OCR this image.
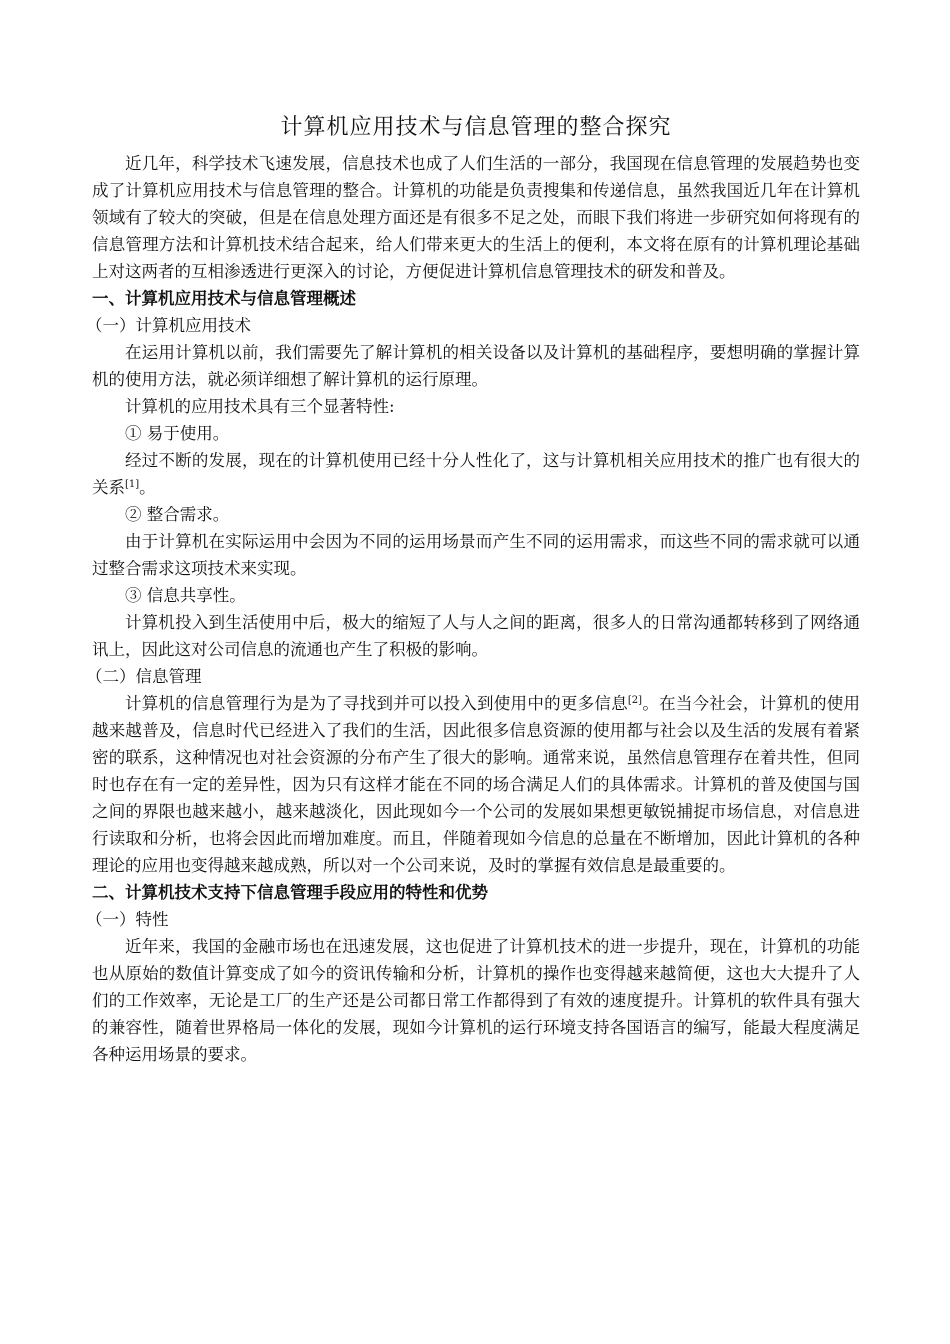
计算机应用技术与信息管理的整合探究

近几年，科学技术飞速发展，信息技术也成了人们生活的一部分，我国现在信息管理的发展趋势也变成了计算机应用技术与信息管理的整合。计算机的功能是负责搜集和传递信息，虽然我国近几年在计算机领域有了较大的突破，但是在信息处理方面还是有很多不足之处，而眼下我们将进一步研究如何将现有的信息管理方法和计算机技术结合起来，给人们带来更大的生活上的便利，本文将在原有的计算机理论基础上对这两者的互相渗透进行更深入的讨论，方便促进计算机信息管理技术的研发和普及。

一、计算机应用技术与信息管理概述

（一）计算机应用技术

在运用计算机以前，我们需要先了解计算机的相关设备以及计算机的基础程序，要想明确的掌握计算机的使用方法，就必须详细想了解计算机的运行原理。

计算机的应用技术具有三个显著特性:

① 易于使用。

经过不断的发展，现在的计算机使用已经十分人性化了，这与计算机相关应用技术的推广也有很大的关系[1]。

② 整合需求。

由于计算机在实际运用中会因为不同的运用场景而产生不同的运用需求，而这些不同的需求就可以通过整合需求这项技术来实现。

③ 信息共享性。

计算机投入到生活使用中后，极大的缩短了人与人之间的距离，很多人的日常沟通都转移到了网络通讯上，因此这对公司信息的流通也产生了积极的影响。

（二）信息管理

计算机的信息管理行为是为了寻找到并可以投入到使用中的更多信息[2]。在当今社会，计算机的使用越来越普及，信息时代已经进入了我们的生活，因此很多信息资源的使用都与社会以及生活的发展有着紧密的联系，这种情况也对社会资源的分布产生了很大的影响。通常来说，虽然信息管理存在着共性，但同时也存在有一定的差异性，因为只有这样才能在不同的场合满足人们的具体需求。计算机的普及使国与国之间的界限也越来越小，越来越淡化，因此现如今一个公司的发展如果想更敏锐捕捉市场信息，对信息进行读取和分析，也将会因此而增加难度。而且，伴随着现如今信息的总量在不断增加，因此计算机的各种理论的应用也变得越来越成熟，所以对一个公司来说，及时的掌握有效信息是最重要的。

二、计算机技术支持下信息管理手段应用的特性和优势

（一）特性

近年来，我国的金融市场也在迅速发展，这也促进了计算机技术的进一步提升，现在，计算机的功能也从原始的数值计算变成了如今的资讯传输和分析，计算机的操作也变得越来越简便，这也大大提升了人们的工作效率，无论是工厂的生产还是公司都日常工作都得到了有效的速度提升。计算机的软件具有强大的兼容性，随着世界格局一体化的发展，现如今计算机的运行环境支持各国语言的编写，能最大程度满足各种运用场景的要求。
